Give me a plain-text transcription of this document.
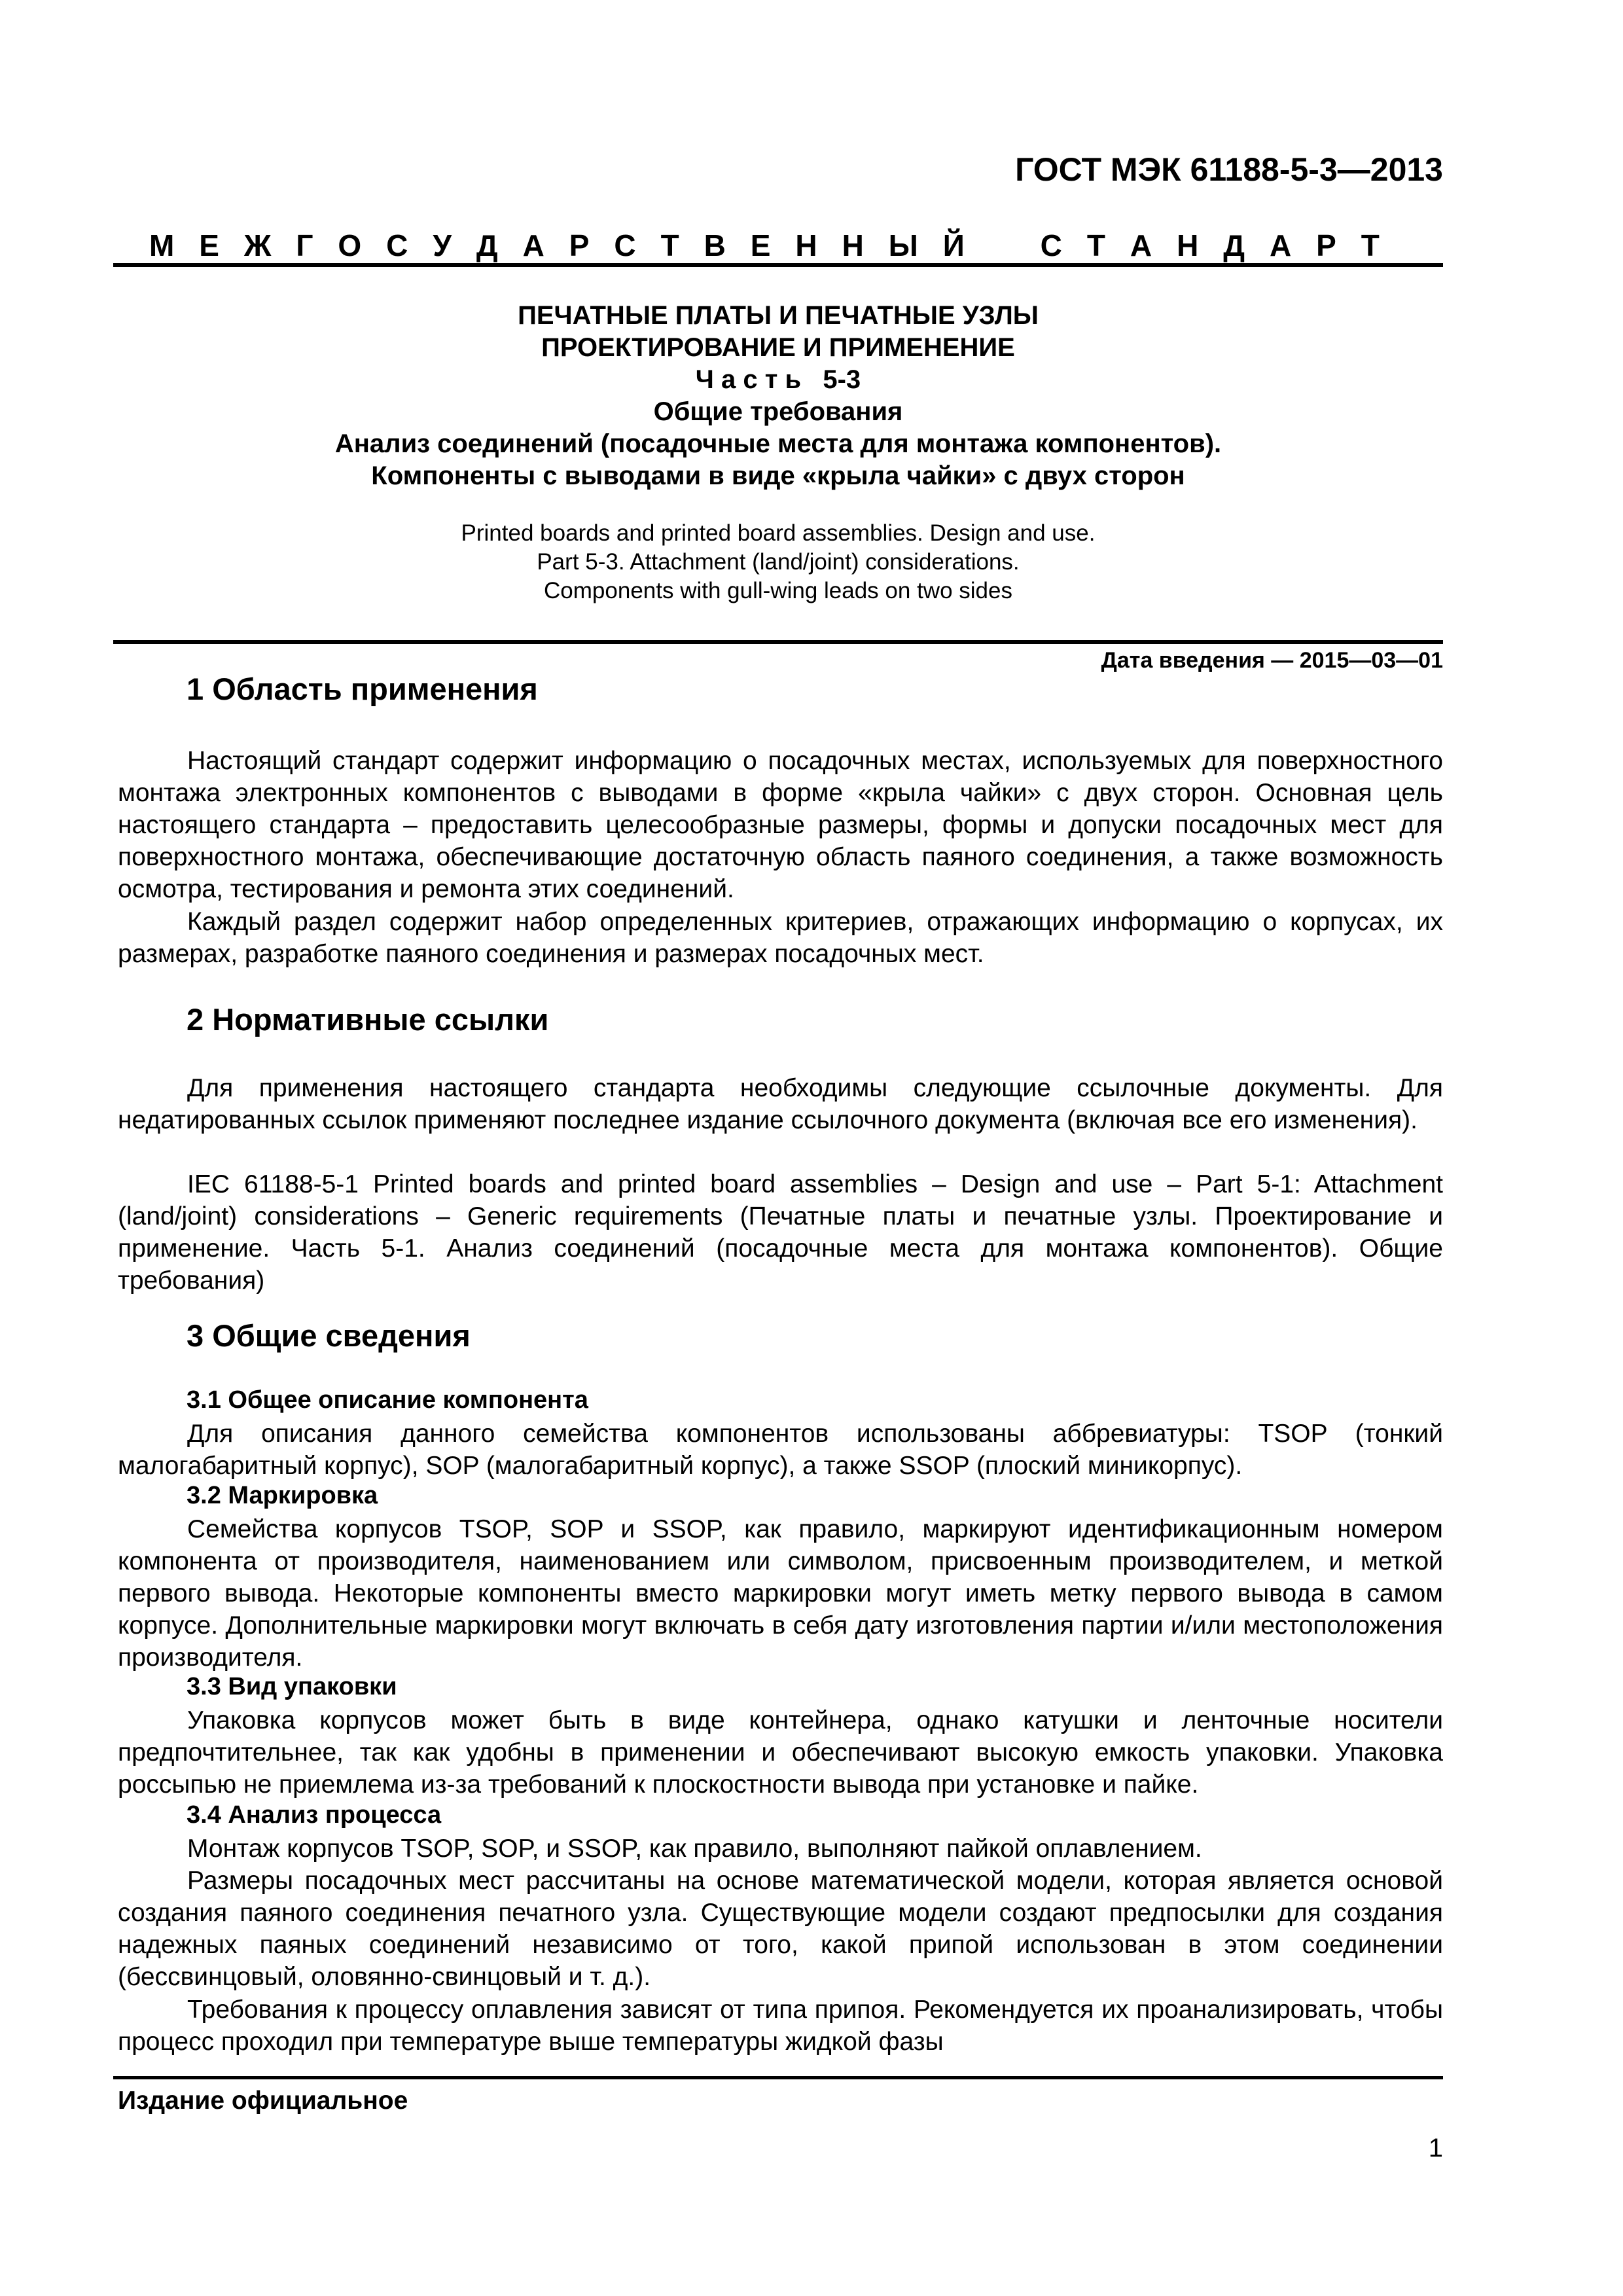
ГОСТ МЭК 61188-5-3—2013
М Е Ж Г О С У Д А Р С Т В Е Н Н Ы Й	С Т А Н Д А Р Т
ПЕЧАТНЫЕ ПЛАТЫ И ПЕЧАТНЫЕ УЗЛЫ
ПРОЕКТИРОВАНИЕ И ПРИМЕНЕНИЕ
Ч а с т ь   5-3
Общие требования
Анализ соединений (посадочные места для монтажа компонентов).
Компоненты с выводами в виде «крыла чайки» с двух сторон
Printed boards and printed board assemblies. Design and use.
Part 5-3. Attachment (land/joint) considerations.
Components with gull-wing leads on two sides
Дата введения — 2015—03—01
1 Область применения
Настоящий стандарт содержит информацию о посадочных местах, используемых для поверхностного монтажа электронных компонентов с выводами в форме «крыла чайки» с двух сторон. Основная цель настоящего стандарта – предоставить целесообразные размеры, формы и допуски посадочных мест для поверхностного монтажа, обеспечивающие достаточную область паяного соединения, а также возможность осмотра, тестирования и ремонта этих соединений.
Каждый раздел содержит набор определенных критериев, отражающих информацию о корпусах, их размерах, разработке паяного соединения и размерах посадочных мест.
2 Нормативные ссылки
Для применения настоящего стандарта необходимы следующие ссылочные документы. Для недатированных ссылок применяют последнее издание ссылочного документа (включая все его изменения).
IEC 61188-5-1 Printed boards and printed board assemblies – Design and use – Part 5-1: Attachment (land/joint) considerations – Generic requirements (Печатные платы и печатные узлы. Проектирование и применение. Часть 5-1. Анализ соединений (посадочные места для монтажа компонентов). Общие требования)
3 Общие сведения
3.1 Общее описание компонента
Для описания данного семейства компонентов использованы аббревиатуры: TSOP (тонкий малогабаритный корпус), SOP (малогабаритный корпус), а также SSOP (плоский миникорпус).
3.2 Маркировка
Семейства корпусов TSOP, SOP и SSOP, как правило, маркируют идентификационным номером компонента от производителя, наименованием или символом, присвоенным производителем, и меткой первого вывода. Некоторые компоненты вместо маркировки могут иметь метку первого вывода в самом корпусе. Дополнительные маркировки могут включать в себя дату изготовления партии и/или местоположения производителя.
3.3 Вид упаковки
Упаковка корпусов может быть в виде контейнера, однако катушки и ленточные носители предпочтительнее, так как удобны в применении и обеспечивают высокую емкость упаковки. Упаковка россыпью не приемлема из-за требований к плоскостности вывода при установке и пайке.
3.4 Анализ процесса
Монтаж корпусов TSOP, SOP, и SSOP, как правило, выполняют пайкой оплавлением.
Размеры посадочных мест рассчитаны на основе математической модели, которая является основой создания паяного соединения печатного узла. Существующие модели создают предпосылки для создания надежных паяных соединений независимо от того, какой припой использован в этом соединении (бессвинцовый, оловянно-свинцовый и т. д.).
Требования к процессу оплавления зависят от типа припоя. Рекомендуется их проанализировать, чтобы процесс проходил при температуре выше температуры жидкой фазы
Издание официальное
1
